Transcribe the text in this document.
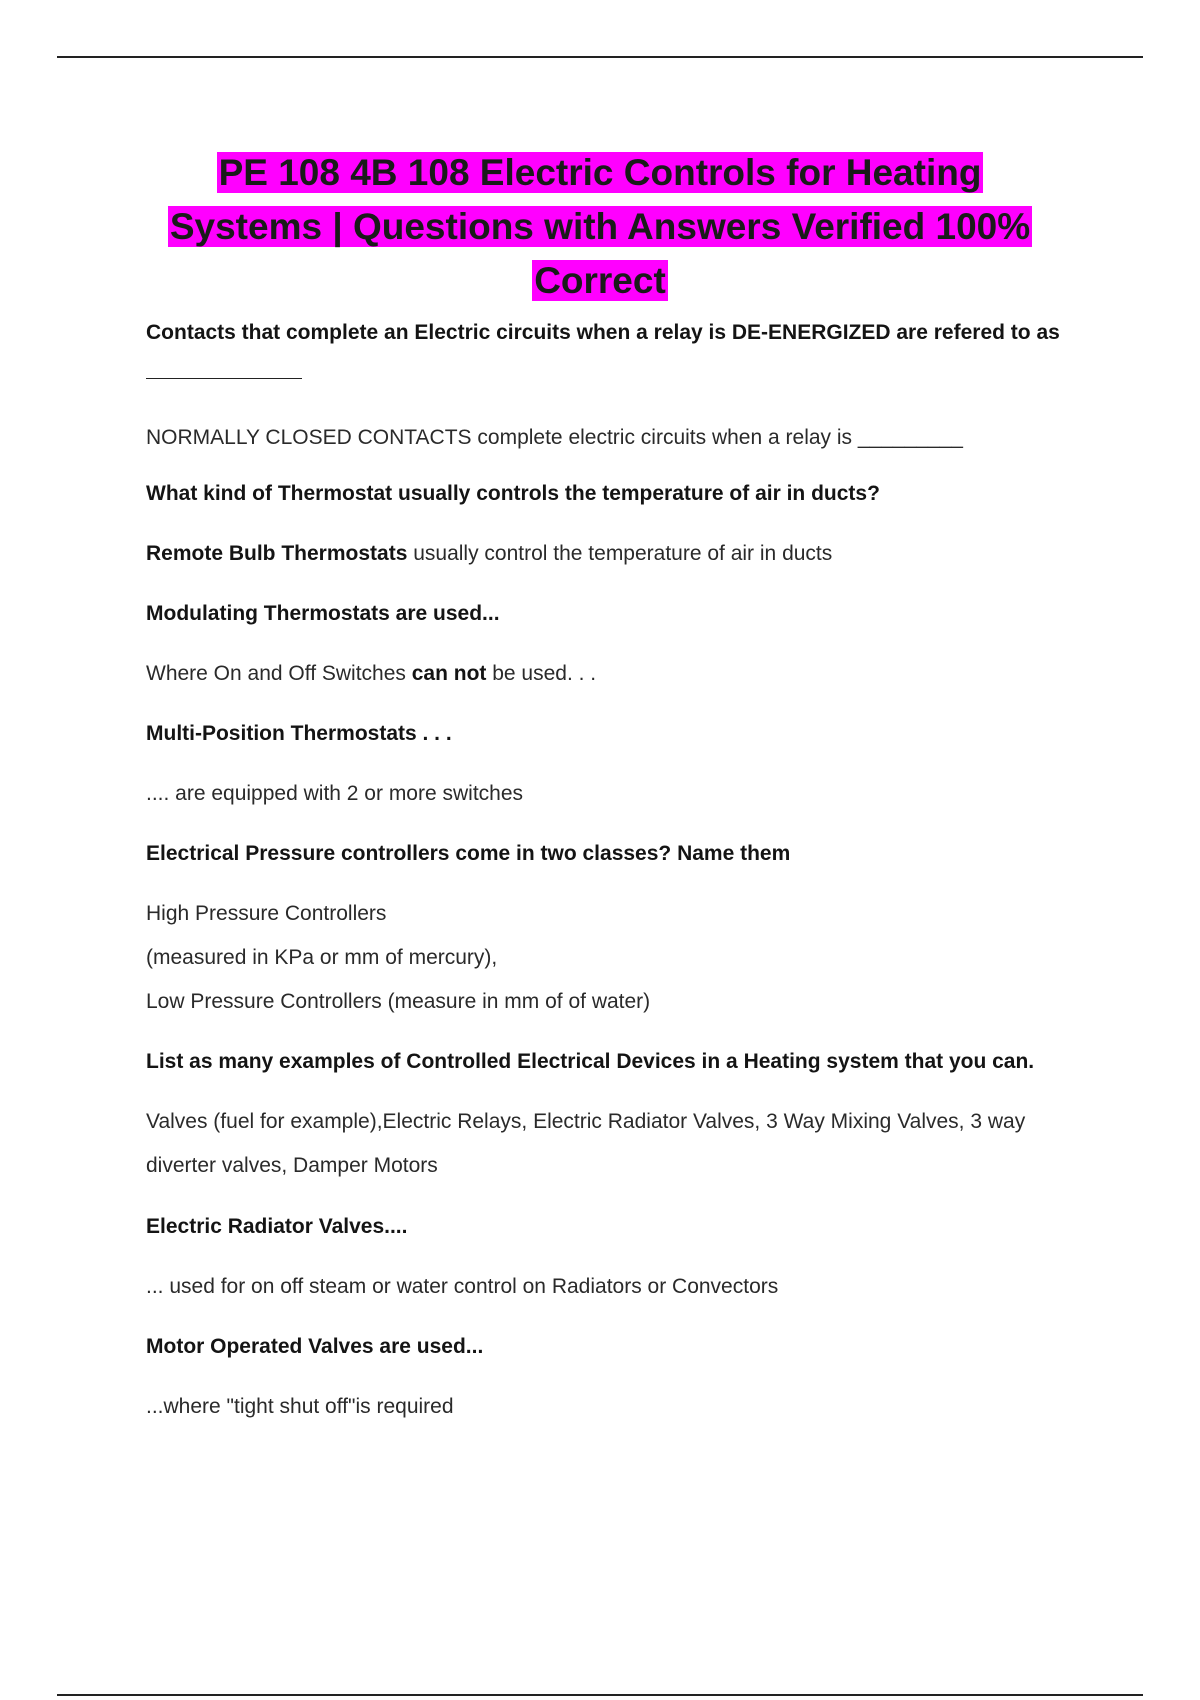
PE 108 4B 108 Electric Controls for Heating
Systems | Questions with Answers Verified 100%
Correct

Contacts that complete an Electric circuits when a relay is DE-ENERGIZED are refered to as

NORMALLY CLOSED CONTACTS complete electric circuits when a relay is _________

What kind of Thermostat usually controls the temperature of air in ducts?

Remote Bulb Thermostats usually control the temperature of air in ducts

Modulating Thermostats are used...

Where On and Off Switches can not be used. . .

Multi-Position Thermostats . . .

.... are equipped with 2 or more switches

Electrical Pressure controllers come in two classes? Name them

High Pressure Controllers
(measured in KPa or mm of mercury),
Low Pressure Controllers (measure in mm of of water)

List as many examples of Controlled Electrical Devices in a Heating system that you can.

Valves (fuel for example),Electric Relays, Electric Radiator Valves, 3 Way Mixing Valves, 3 way diverter valves, Damper Motors

Electric Radiator Valves....

... used for on off steam or water control on Radiators or Convectors

Motor Operated Valves are used...

...where "tight shut off"is required
